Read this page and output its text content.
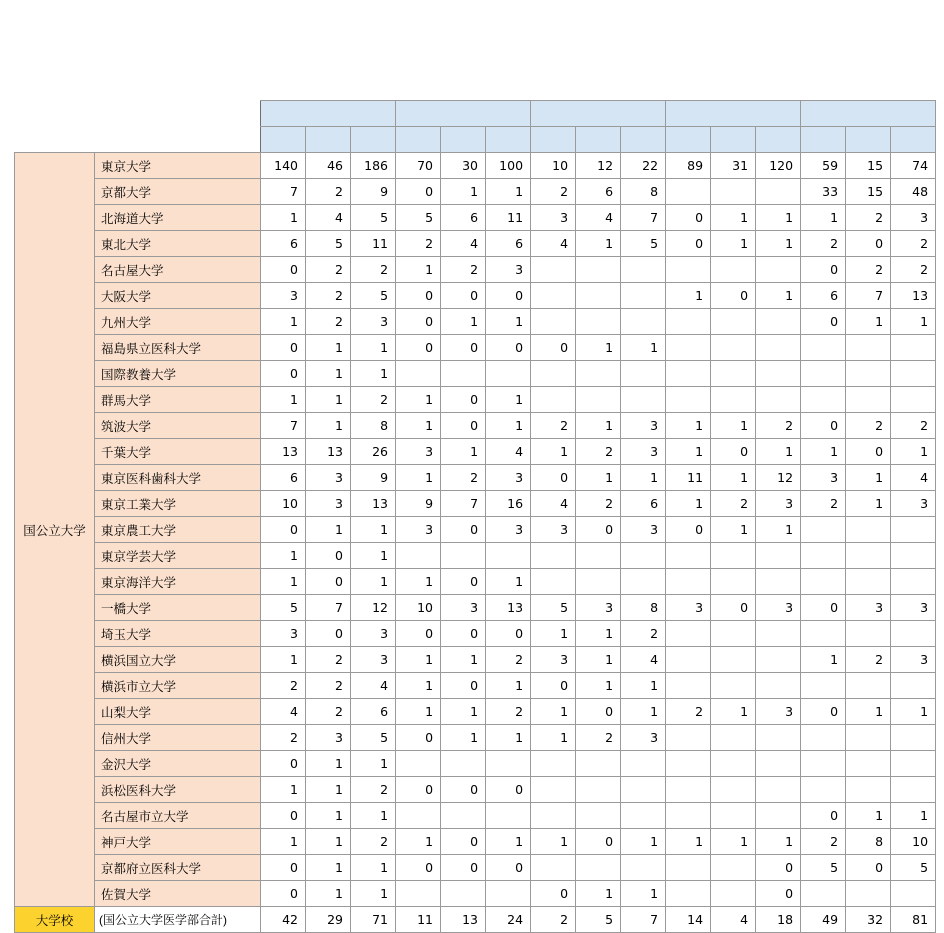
国公立大学	東京大学	140	46	186	70	30	100	10	12	22	89	31	120	59	15	74
	京都大学	7	2	9	0	1	1	2	6	8				33	15	48
	北海道大学	1	4	5	5	6	11	3	4	7	0	1	1	1	2	3
	東北大学	6	5	11	2	4	6	4	1	5	0	1	1	2	0	2
	名古屋大学	0	2	2	1	2	3							0	2	2
	大阪大学	3	2	5	0	0	0				1	0	1	6	7	13
	九州大学	1	2	3	0	1	1							0	1	1
	福島県立医科大学	0	1	1	0	0	0	0	1	1						
	国際教養大学	0	1	1												
	群馬大学	1	1	2	1	0	1									
	筑波大学	7	1	8	1	0	1	2	1	3	1	1	2	0	2	2
	千葉大学	13	13	26	3	1	4	1	2	3	1	0	1	1	0	1
	東京医科歯科大学	6	3	9	1	2	3	0	1	1	11	1	12	3	1	4
	東京工業大学	10	3	13	9	7	16	4	2	6	1	2	3	2	1	3
	東京農工大学	0	1	1	3	0	3	3	0	3	0	1	1			
	東京学芸大学	1	0	1												
	東京海洋大学	1	0	1	1	0	1									
	一橋大学	5	7	12	10	3	13	5	3	8	3	0	3	0	3	3
	埼玉大学	3	0	3	0	0	0	1	1	2						
	横浜国立大学	1	2	3	1	1	2	3	1	4				1	2	3
	横浜市立大学	2	2	4	1	0	1	0	1	1						
	山梨大学	4	2	6	1	1	2	1	0	1	2	1	3	0	1	1
	信州大学	2	3	5	0	1	1	1	2	3						
	金沢大学	0	1	1												
	浜松医科大学	1	1	2	0	0	0									
	名古屋市立大学	0	1	1										0	1	1
	神戸大学	1	1	2	1	0	1	1	0	1	1	1	1	2	8	10
	京都府立医科大学	0	1	1	0	0	0						0	5	0	5
	佐賀大学	0	1	1				0	1	1			0			
大学校	(国公立大学医学部合計)	42	29	71	11	13	24	2	5	7	14	4	18	49	32	81
